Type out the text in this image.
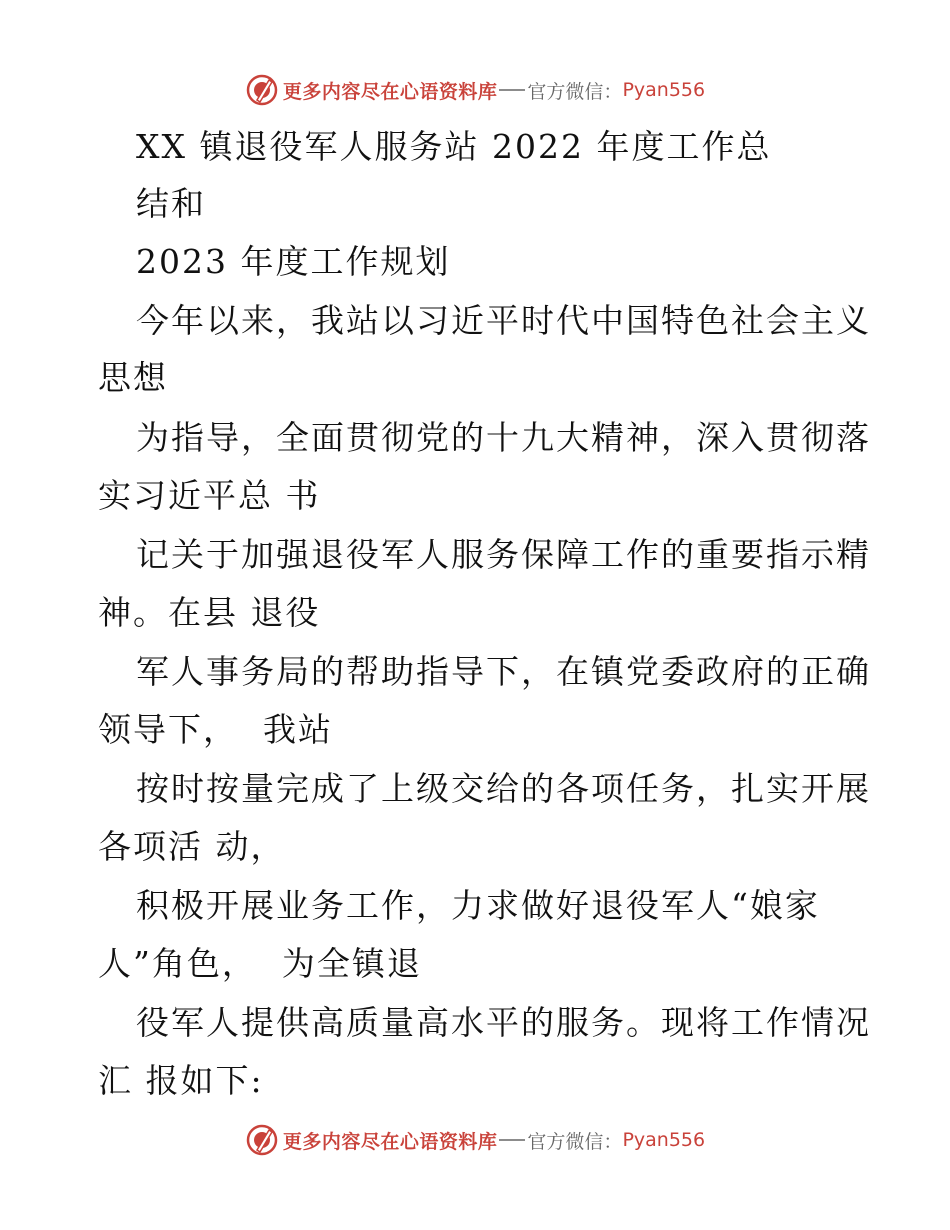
更多内容尽在心语资料库 官方微信： Pyan556
XX 镇退役军人服务站 2022 年度工作总
结和
2023 年度工作规划
今年以来，我站以习近平时代中国特色社会主义
思想
为指导，全面贯彻党的十九大精神，深入贯彻落
实习近平总 书
记关于加强退役军人服务保障工作的重要指示精
神。在县 退役
军人事务局的帮助指导下，在镇党委政府的正确
领导下，  我站
按时按量完成了上级交给的各项任务，扎实开展
各项活 动，
积极开展业务工作，力求做好退役军人“娘家
人”角色，  为全镇退
役军人提供高质量高水平的服务。现将工作情况
汇 报如下:
更多内容尽在心语资料库 官方微信： Pyan556
